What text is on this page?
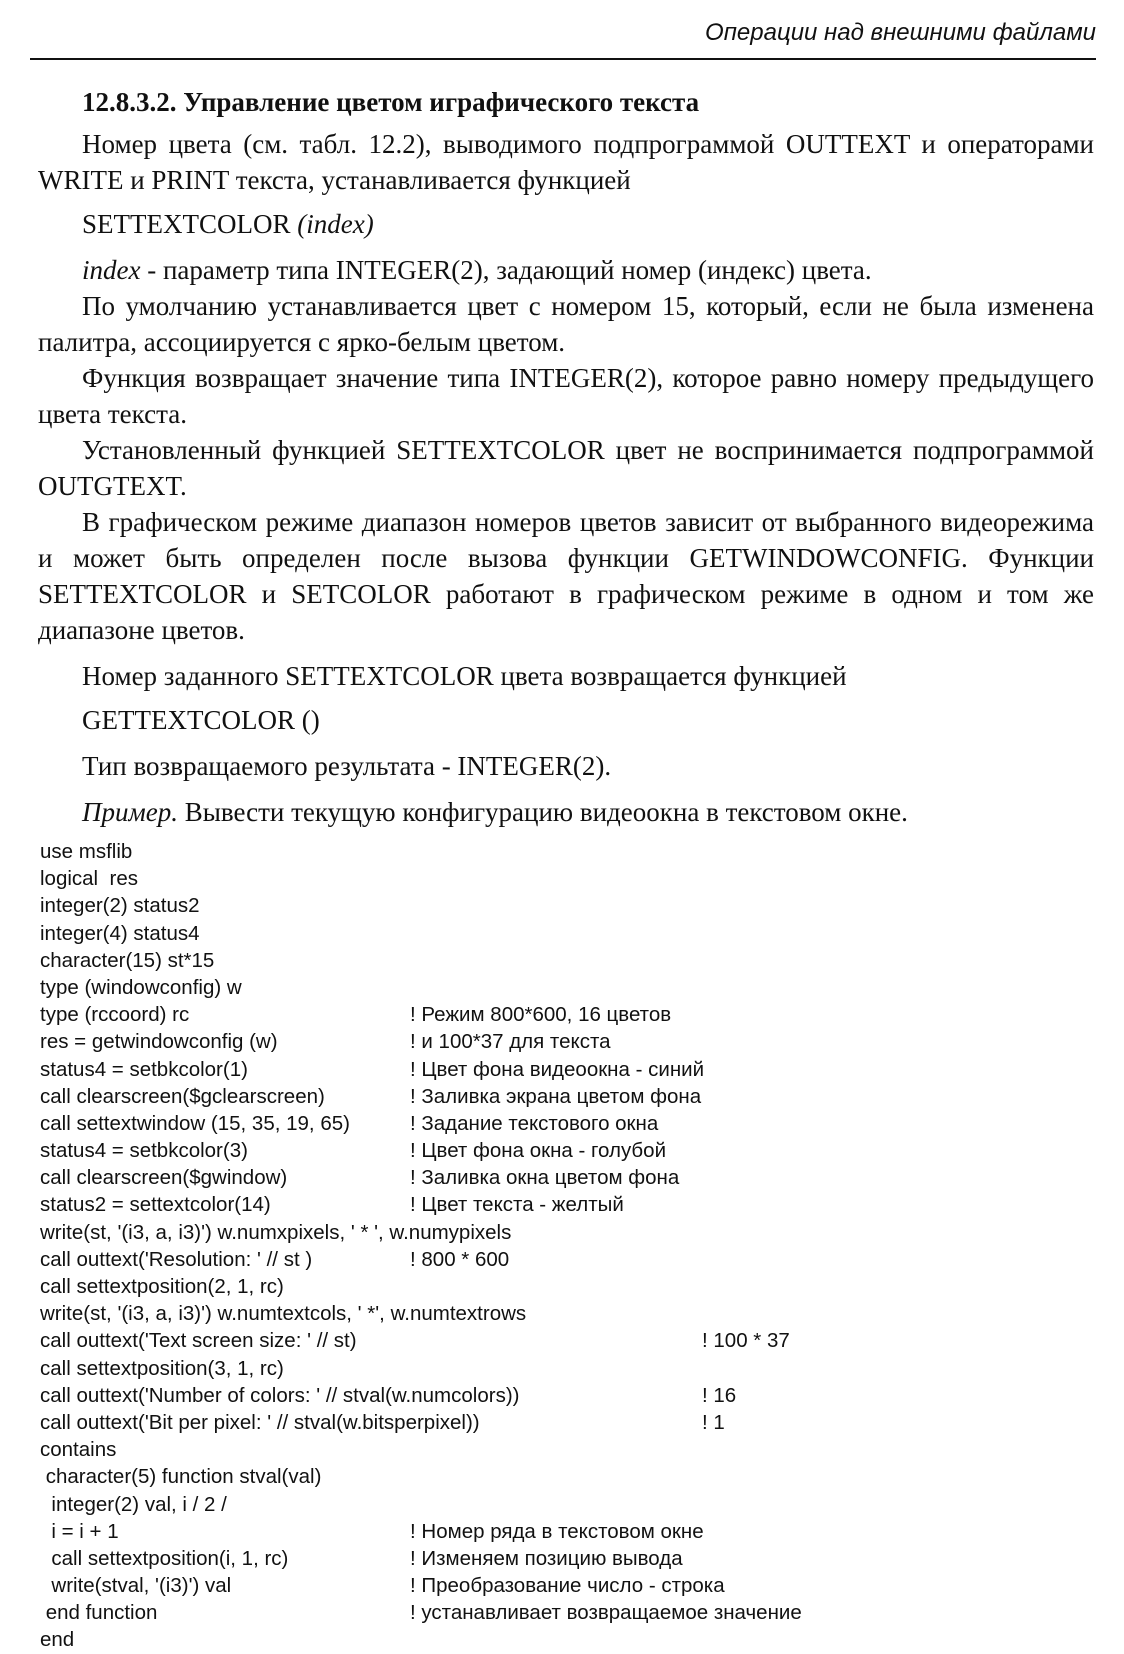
Операции над внешними файлами
12.8.3.2. Управление цветом играфического текста

Номер цвета (см. табл. 12.2), выводимого подпрограммой OUTTEXT и операторами WRITE и PRINT текста, устанавливается функцией

SETTEXTCOLOR (index)

index - параметр типа INTEGER(2), задающий номер (индекс) цвета.

По умолчанию устанавливается цвет с номером 15, который, если не была изменена палитра, ассоциируется с ярко-белым цветом.

Функция возвращает значение типа INTEGER(2), которое равно номеру предыдущего цвета текста.

Установленный функцией SETTEXTCOLOR цвет не воспринимается подпрограммой OUTGTEXT.

В графическом режиме диапазон номеров цветов зависит от выбранного видеорежима и может быть определен после вызова функции GETWINDOWCONFIG. Функции SETTEXTCOLOR и SETCOLOR работают в графическом режиме в одном и том же диапазоне цветов.

Номер заданного SETTEXTCOLOR цвета возвращается функцией

GETTEXTCOLOR ()

Тип возвращаемого результата - INTEGER(2).

Пример. Вывести текущую конфигурацию видеоокна в текстовом окне.

use msflib
logical  res
integer(2) status2
integer(4) status4
character(15) st*15
type (windowconfig) w
type (rccoord) rc	! Режим 800*600, 16 цветов
res = getwindowconfig (w)	! и 100*37 для текста
status4 = setbkcolor(1)	! Цвет фона видеоокна - синий
call clearscreen($gclearscreen)	! Заливка экрана цветом фона
call settextwindow (15, 35, 19, 65)	! Задание текстового окна
status4 = setbkcolor(3)	! Цвет фона окна - голубой
call clearscreen($gwindow)	! Заливка окна цветом фона
status2 = settextcolor(14)	! Цвет текста - желтый
write(st, '(i3, a, i3)') w.numxpixels, ' * ', w.numypixels
call outtext('Resolution: ' // st )	! 800 * 600
call settextposition(2, 1, rc)
write(st, '(i3, a, i3)') w.numtextcols, ' *', w.numtextrows
call outtext('Text screen size: ' // st)	! 100 * 37
call settextposition(3, 1, rc)
call outtext('Number of colors: ' // stval(w.numcolors))	! 16
call outtext('Bit per pixel: ' // stval(w.bitsperpixel))	! 1
contains
character(5) function stval(val)
integer(2) val, i / 2 /
i = i + 1	! Номер ряда в текстовом окне
call settextposition(i, 1, rc)	! Изменяем позицию вывода
write(stval, '(i3)') val	! Преобразование число - строка
end function	! устанавливает возвращаемое значение
end
